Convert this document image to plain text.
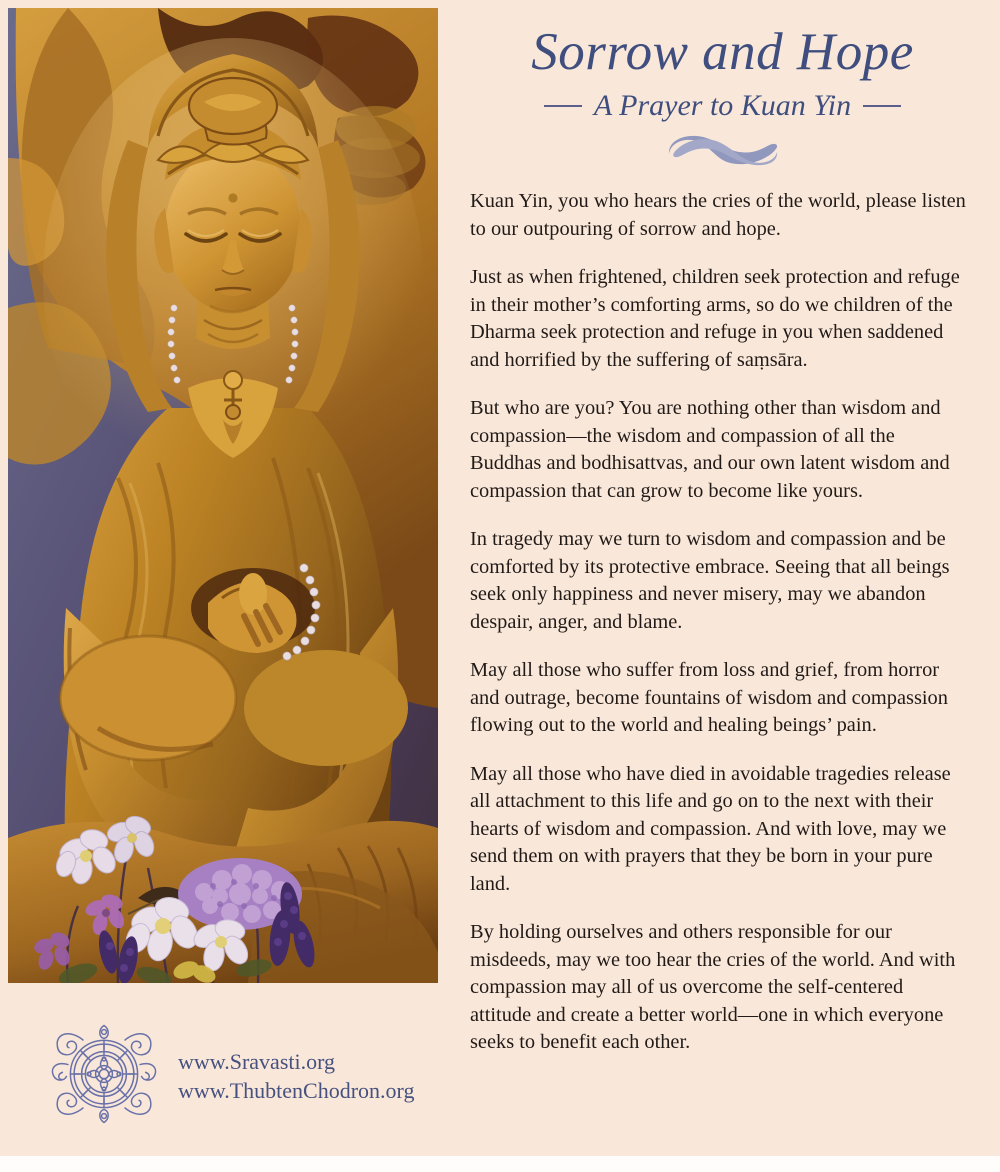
Sorrow and Hope
A Prayer to Kuan Yin

Kuan Yin, you who hears the cries of the world, please listen to our outpouring of sorrow and hope.

Just as when frightened, children seek protection and refuge in their mother’s comforting arms, so do we children of the Dharma seek protection and refuge in you when saddened and horrified by the suffering of saṃsāra.

But who are you? You are nothing other than wisdom and compassion—the wisdom and compassion of all the Buddhas and bodhisattvas, and our own latent wisdom and compassion that can grow to become like yours.

In tragedy may we turn to wisdom and compassion and be comforted by its protective embrace. Seeing that all beings seek only happiness and never misery, may we abandon despair, anger, and blame.

May all those who suffer from loss and grief, from horror and outrage, become fountains of wisdom and compassion flowing out to the world and healing beings’ pain.

May all those who have died in avoidable tragedies release all attachment to this life and go on to the next with their hearts of wisdom and compassion. And with love, may we send them on with prayers that they be born in your pure land.

By holding ourselves and others responsible for our misdeeds, may we too hear the cries of the world. And with compassion may all of us overcome the self-centered attitude and create a better world—one in which everyone seeks to benefit each other.

www.Sravasti.org
www.ThubtenChodron.org
